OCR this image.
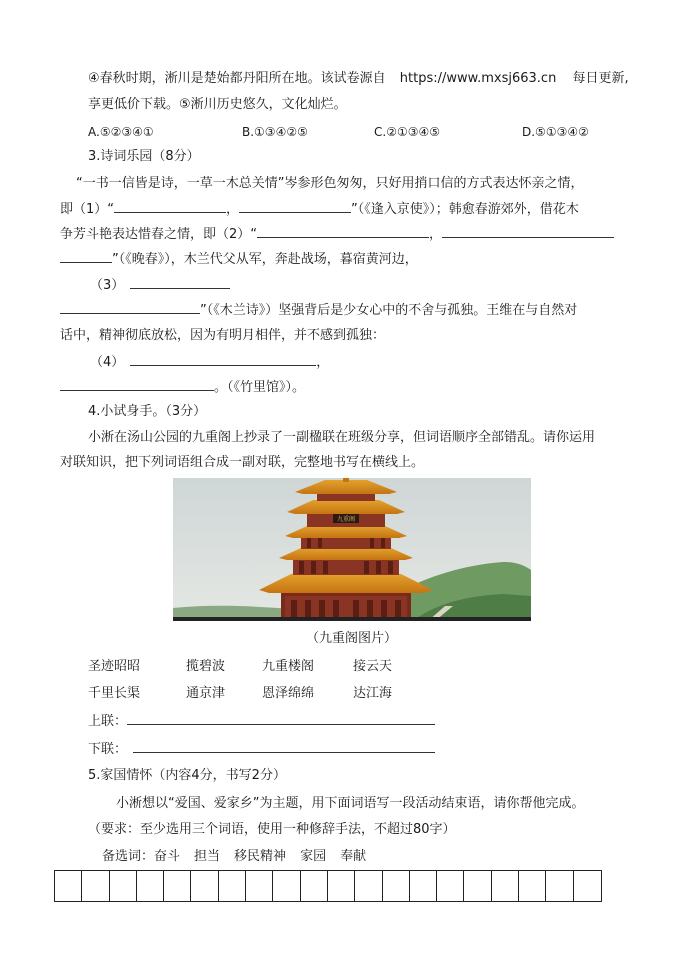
④春秋时期，淅川是楚始都丹阳所在地。该试卷源自 https://www.mxsj663.cn 每日更新,
享更低价下载。⑤淅川历史悠久，文化灿烂。
A.⑤②③④①	B.①③④②⑤	C.②①③④⑤	D.⑤①③④②
3.诗词乐园（8分）
“一书一信皆是诗，一草一木总关情”岑参形色匆匆，只好用捎口信的方式表达怀亲之情，
即（1）“	，	”（《逢入京使》）；韩愈春游郊外，借花木
争芳斗艳表达惜春之情，即（2）“	，
”（《晚春》），木兰代父从军，奔赴战场，暮宿黄河边，
（3）
”（《木兰诗》）坚强背后是少女心中的不舍与孤独。王维在与自然对
话中，精神彻底放松，因为有明月相伴，并不感到孤独：
（4）	，
。（《竹里馆》）。
4.小试身手。（3分）
小淅在汤山公园的九重阁上抄录了一副楹联在班级分享，但词语顺序全部错乱。请你运用
对联知识，把下列词语组合成一副对联，完整地书写在横线上。
九重阁
（九重阁图片）
圣迹昭昭	揽碧波	九重楼阁	接云天
千里长渠	通京津	恩泽绵绵	达江海
上联：
下联：
5.家国情怀（内容4分，书写2分）
小淅想以“爱国、爱家乡”为主题，用下面词语写一段活动结束语，请你帮他完成。
（要求：至少选用三个词语，使用一种修辞手法，不超过80字）
备选词：奋斗 担当 移民精神 家园 奉献
